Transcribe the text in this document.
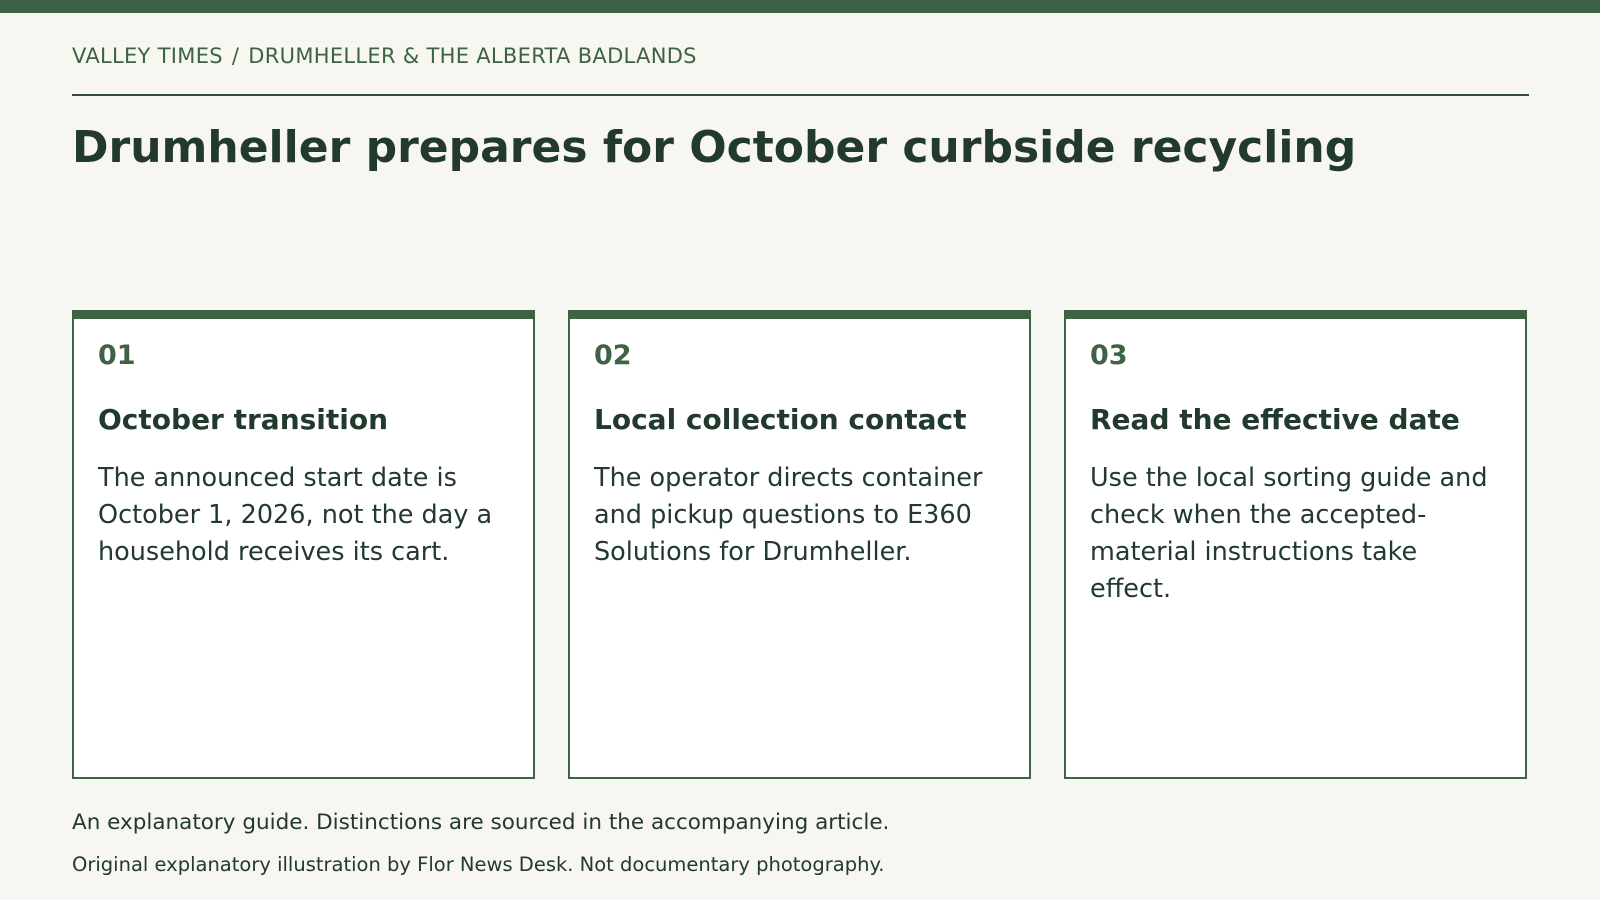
VALLEY TIMES / DRUMHELLER & THE ALBERTA BADLANDS
Drumheller prepares for October curbside recycling
01
October transition

The announced start date is October 1, 2026, not the day a household receives its cart.

02
Local collection contact

The operator directs container and pickup questions to E360 Solutions for Drumheller.

03
Read the effective date

Use the local sorting guide and check when the accepted-material instructions take effect.

An explanatory guide. Distinctions are sourced in the accompanying article.
Original explanatory illustration by Flor News Desk. Not documentary photography.
